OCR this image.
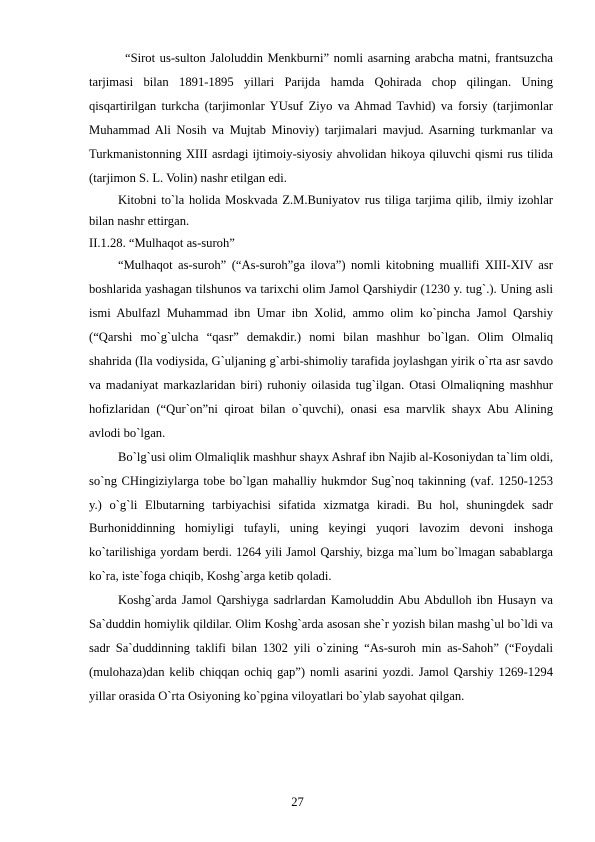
“Sirot us-sulton Jaloluddin Menkburni” nomli asarning arabcha matni, frantsuzcha tarjimasi bilan 1891-1895 yillari Parijda hamda Qohirada chop qilingan. Uning qisqartirilgan turkcha (tarjimonlar YUsuf Ziyo va Ahmad Tavhid) va forsiy (tarjimonlar Muhammad Ali Nosih va Mujtab Minoviy) tarjimalari mavjud. Asarning turkmanlar va Turkmanistonning XIII asrdagi ijtimoiy-siyosiy ahvolidan hikoya qiluvchi qismi rus tilida (tarjimon S. L. Volin) nashr etilgan edi.

Kitobni to`la holida Moskvada Z.M.Buniyatov rus tiliga tarjima qilib, ilmiy izohlar bilan nashr ettirgan.

II.1.28. “Mulhaqot as-suroh”

“Mulhaqot as-suroh” (“As-suroh”ga ilova”) nomli kitobning muallifi XIII-XIV asr boshlarida yashagan tilshunos va tarixchi olim Jamol Qarshiydir (1230 y. tug`.). Uning asli ismi Abulfazl Muhammad ibn Umar ibn Xolid, ammo olim ko`pincha Jamol Qarshiy (“Qarshi mo`g`ulcha “qasr” demakdir.) nomi bilan mashhur bo`lgan. Olim Olmaliq shahrida (Ila vodiysida, G`uljaning g`arbi-shimoliy tarafida joylashgan yirik o`rta asr savdo va madaniyat markazlaridan biri) ruhoniy oilasida tug`ilgan. Otasi Olmaliqning mashhur hofizlaridan (“Qur`on”ni qiroat bilan o`quvchi), onasi esa marvlik shayx Abu Alining avlodi bo`lgan.

Bo`lg`usi olim Olmaliqlik mashhur shayx Ashraf ibn Najib al-Kosoniydan ta`lim oldi, so`ng CHingiziylarga tobe bo`lgan mahalliy hukmdor Sug`noq takinning (vaf. 1250-1253 y.) o`g`li Elbutarning tarbiyachisi sifatida xizmatga kiradi. Bu hol, shuningdek sadr Burhoniddinning homiyligi tufayli, uning keyingi yuqori lavozim devoni inshoga ko`tarilishiga yordam berdi. 1264 yili Jamol Qarshiy, bizga ma`lum bo`lmagan sabablarga ko`ra, iste`foga chiqib, Koshg`arga ketib qoladi.

Koshg`arda Jamol Qarshiyga sadrlardan Kamoluddin Abu Abdulloh ibn Husayn va Sa`duddin homiylik qildilar. Olim Koshg`arda asosan she`r yozish bilan mashg`ul bo`ldi va sadr Sa`duddinning taklifi bilan 1302 yili o`zining “As-suroh min as-Sahoh” (“Foydali (mulohaza)dan kelib chiqqan ochiq gap”) nomli asarini yozdi. Jamol Qarshiy 1269-1294 yillar orasida O`rta Osiyoning ko`pgina viloyatlari bo`ylab sayohat qilgan.

27
